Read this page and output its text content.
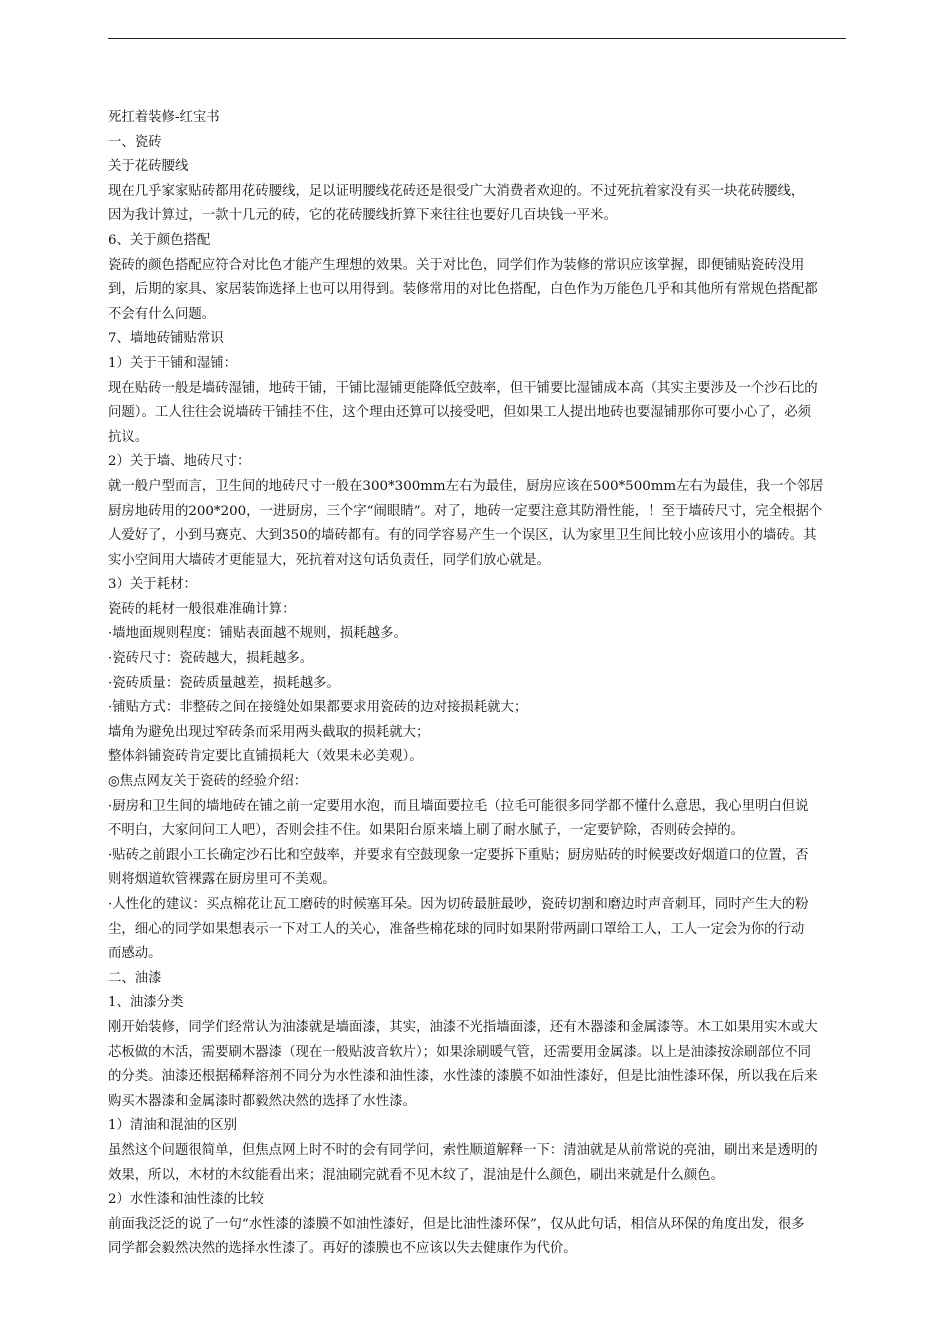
死扛着装修-红宝书
一、瓷砖
关于花砖腰线
现在几乎家家贴砖都用花砖腰线，足以证明腰线花砖还是很受广大消费者欢迎的。不过死抗着家没有买一块花砖腰线，
因为我计算过，一款十几元的砖，它的花砖腰线折算下来往往也要好几百块钱一平米。
6、关于颜色搭配
瓷砖的颜色搭配应符合对比色才能产生理想的效果。关于对比色，同学们作为装修的常识应该掌握，即便铺贴瓷砖没用
到，后期的家具、家居装饰选择上也可以用得到。装修常用的对比色搭配，白色作为万能色几乎和其他所有常规色搭配都
不会有什么问题。
7、墙地砖铺贴常识
1）关于干铺和湿铺：
现在贴砖一般是墙砖湿铺，地砖干铺，干铺比湿铺更能降低空鼓率，但干铺要比湿铺成本高（其实主要涉及一个沙石比的
问题）。工人往往会说墙砖干铺挂不住，这个理由还算可以接受吧，但如果工人提出地砖也要湿铺那你可要小心了，必须
抗议。
2）关于墙、地砖尺寸：
就一般户型而言，卫生间的地砖尺寸一般在300*300mm左右为最佳，厨房应该在500*500mm左右为最佳，我一个邻居
厨房地砖用的200*200，一进厨房，三个字“闹眼睛”。对了，地砖一定要注意其防滑性能，！至于墙砖尺寸，完全根据个
人爱好了，小到马赛克、大到350的墙砖都有。有的同学容易产生一个误区，认为家里卫生间比较小应该用小的墙砖。其
实小空间用大墙砖才更能显大，死抗着对这句话负责任，同学们放心就是。
3）关于耗材：
瓷砖的耗材一般很难准确计算：
·墙地面规则程度：铺贴表面越不规则，损耗越多。
·瓷砖尺寸：瓷砖越大，损耗越多。
·瓷砖质量：瓷砖质量越差，损耗越多。
·铺贴方式：非整砖之间在接缝处如果都要求用瓷砖的边对接损耗就大；
墙角为避免出现过窄砖条而采用两头截取的损耗就大；
整体斜铺瓷砖肯定要比直铺损耗大（效果未必美观）。
◎焦点网友关于瓷砖的经验介绍：
·厨房和卫生间的墙地砖在铺之前一定要用水泡，而且墙面要拉毛（拉毛可能很多同学都不懂什么意思，我心里明白但说
不明白，大家问问工人吧），否则会挂不住。如果阳台原来墙上刷了耐水腻子，一定要铲除，否则砖会掉的。
·贴砖之前跟小工长确定沙石比和空鼓率，并要求有空鼓现象一定要拆下重贴；厨房贴砖的时候要改好烟道口的位置，否
则将烟道软管裸露在厨房里可不美观。
·人性化的建议：买点棉花让瓦工磨砖的时候塞耳朵。因为切砖最脏最吵，瓷砖切割和磨边时声音刺耳，同时产生大的粉
尘，细心的同学如果想表示一下对工人的关心，准备些棉花球的同时如果附带两副口罩给工人，工人一定会为你的行动
而感动。
二、油漆
1、油漆分类
刚开始装修，同学们经常认为油漆就是墙面漆，其实，油漆不光指墙面漆，还有木器漆和金属漆等。木工如果用实木或大
芯板做的木活，需要刷木器漆（现在一般贴波音软片）；如果涂刷暖气管，还需要用金属漆。以上是油漆按涂刷部位不同
的分类。油漆还根据稀释溶剂不同分为水性漆和油性漆，水性漆的漆膜不如油性漆好，但是比油性漆环保，所以我在后来
购买木器漆和金属漆时都毅然决然的选择了水性漆。
1）清油和混油的区别
虽然这个问题很简单，但焦点网上时不时的会有同学问，索性顺道解释一下：清油就是从前常说的亮油，刷出来是透明的
效果，所以，木材的木纹能看出来；混油刷完就看不见木纹了，混油是什么颜色，刷出来就是什么颜色。
2）水性漆和油性漆的比较
前面我泛泛的说了一句“水性漆的漆膜不如油性漆好，但是比油性漆环保”，仅从此句话，相信从环保的角度出发，很多
同学都会毅然决然的选择水性漆了。再好的漆膜也不应该以失去健康作为代价。
